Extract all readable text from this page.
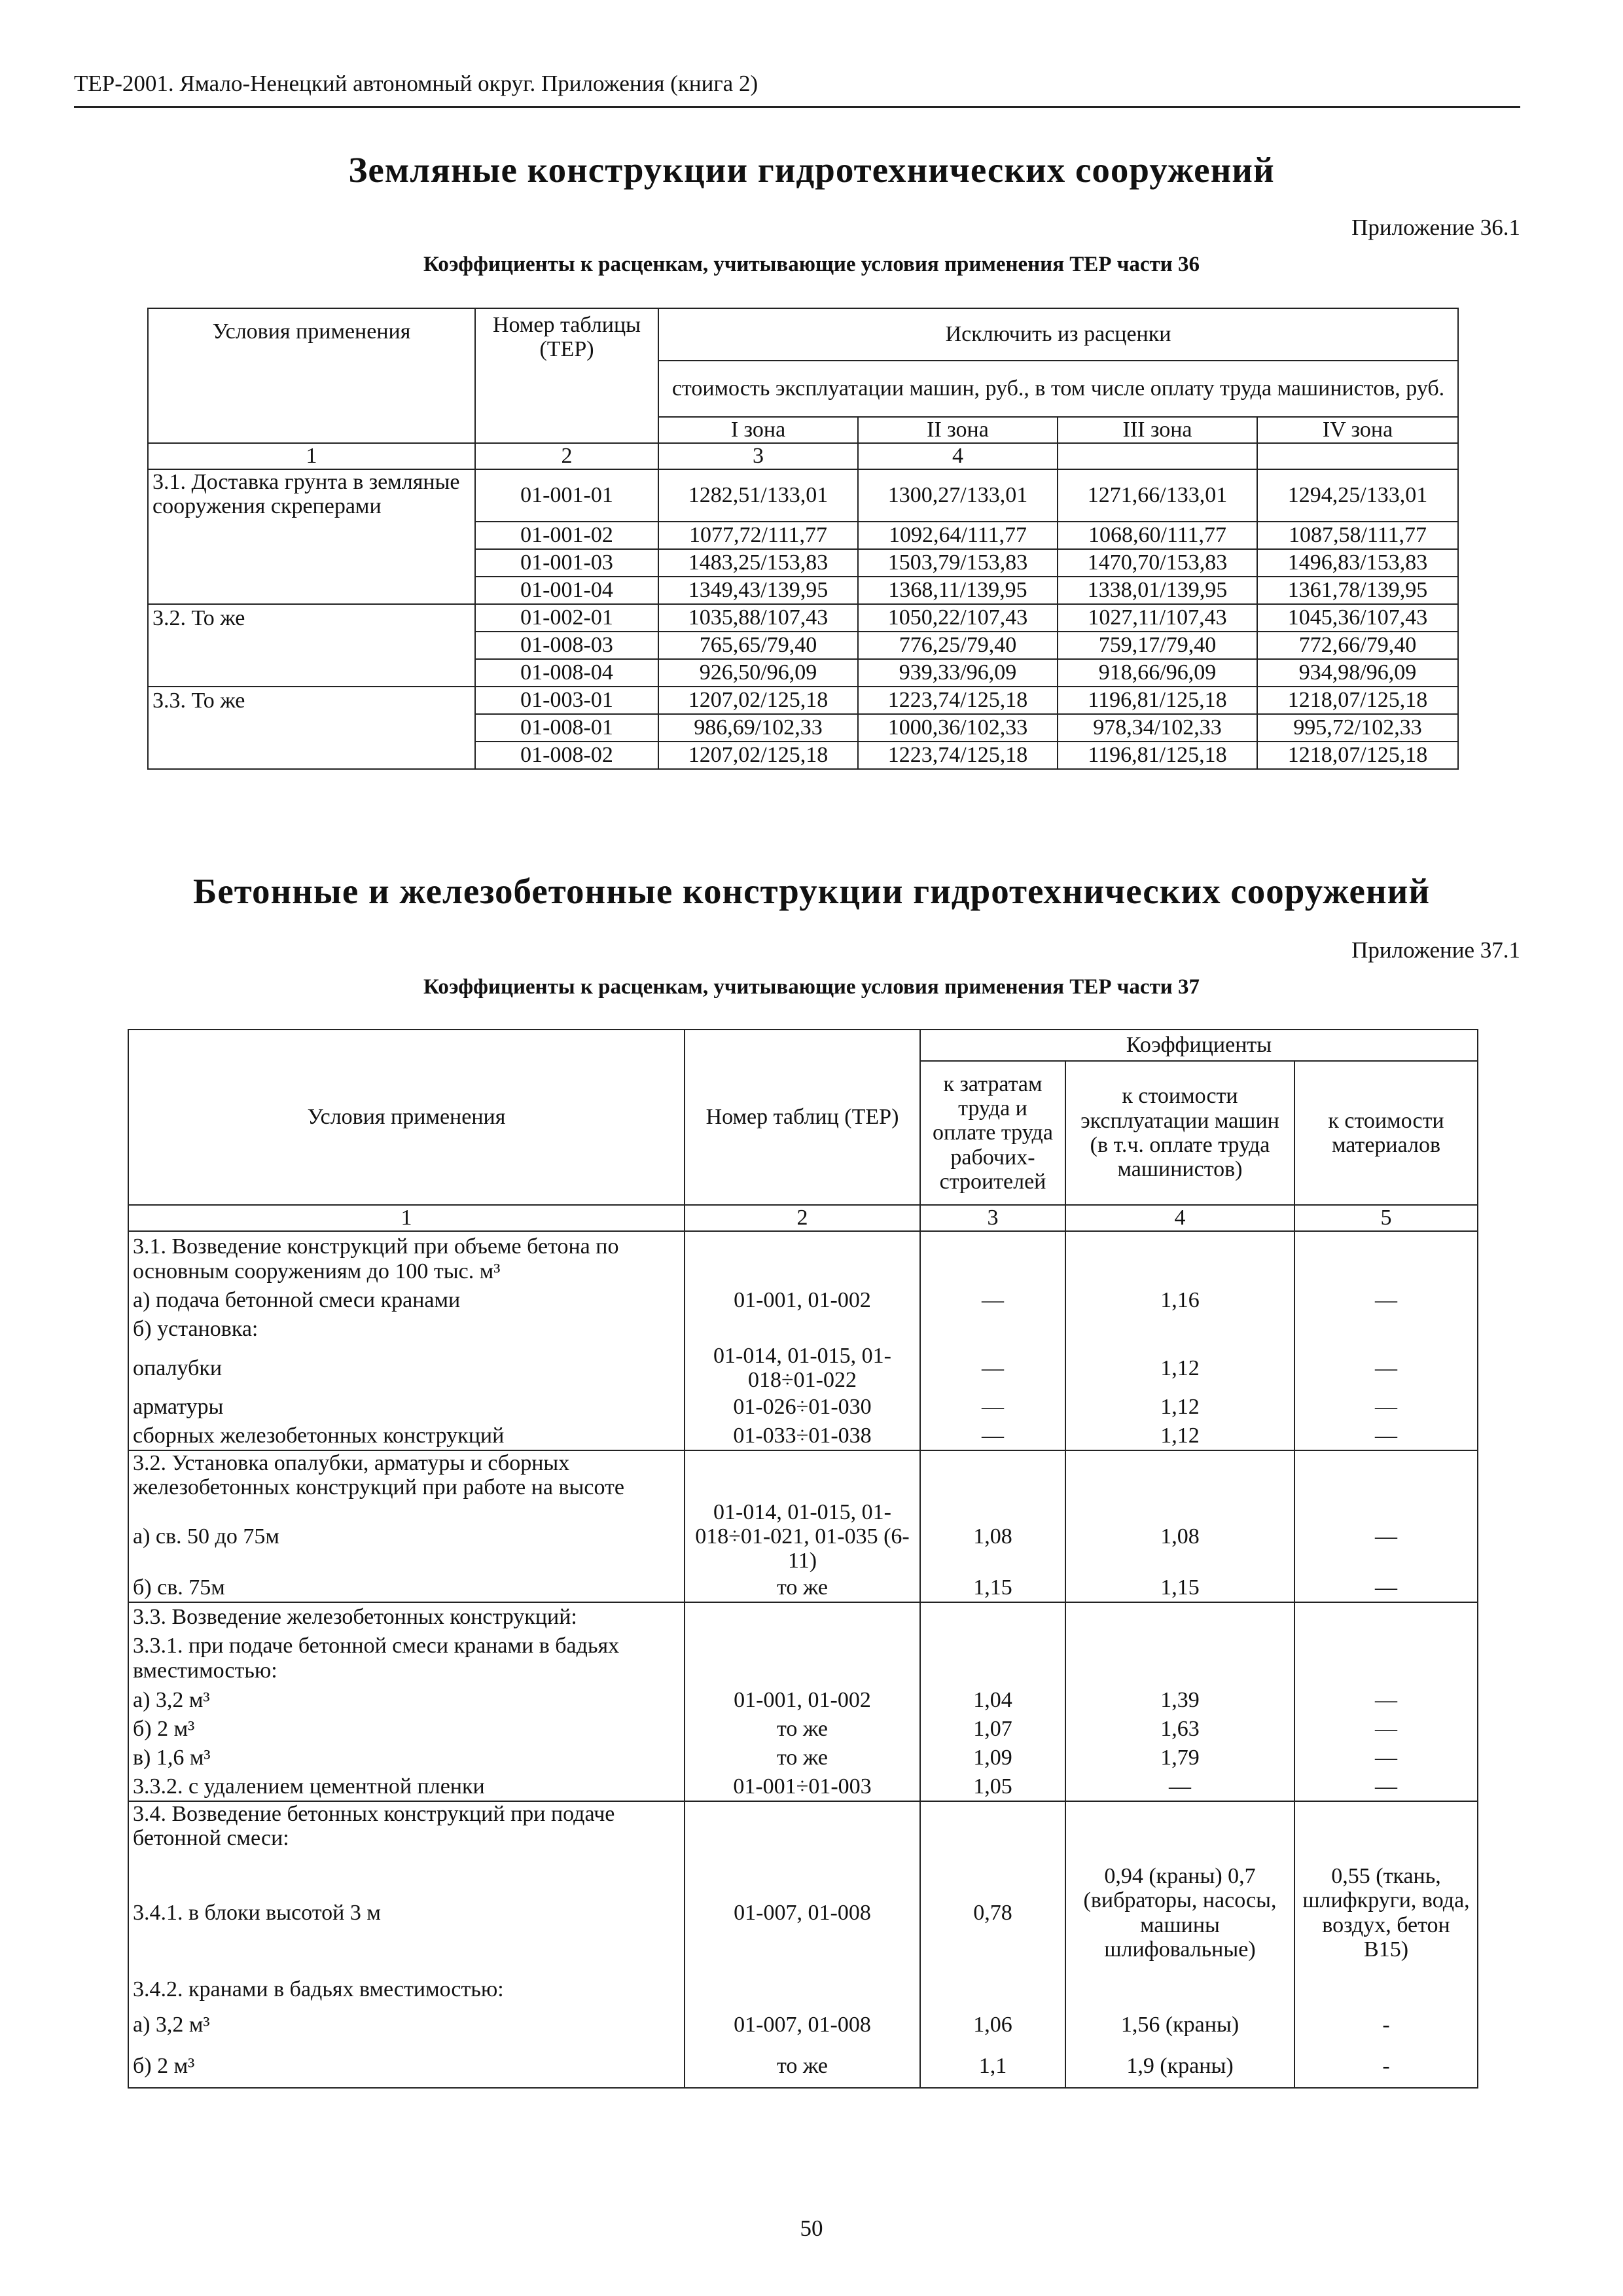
ТЕР-2001. Ямало-Ненецкий автономный округ. Приложения (книга 2)
Земляные конструкции гидротехнических сооружений
Приложение 36.1
Коэффициенты к расценкам, учитывающие условия применения ТЕР части 36
Условия применения	Номер таблицы (ТЕР)	Исключить из расценки			
		стоимость эксплуатации машин, руб., в том числе оплату труда машинистов, руб.			
		I зона	II зона	III зона	IV зона
1	2	3	4		
3.1. Доставка грунта в земляные сооружения скреперами	01-001-01	1282,51/133,01	1300,27/133,01	1271,66/133,01	1294,25/133,01
	01-001-02	1077,72/111,77	1092,64/111,77	1068,60/111,77	1087,58/111,77
	01-001-03	1483,25/153,83	1503,79/153,83	1470,70/153,83	1496,83/153,83
	01-001-04	1349,43/139,95	1368,11/139,95	1338,01/139,95	1361,78/139,95
3.2. То же	01-002-01	1035,88/107,43	1050,22/107,43	1027,11/107,43	1045,36/107,43
	01-008-03	765,65/79,40	776,25/79,40	759,17/79,40	772,66/79,40
	01-008-04	926,50/96,09	939,33/96,09	918,66/96,09	934,98/96,09
3.3. То же	01-003-01	1207,02/125,18	1223,74/125,18	1196,81/125,18	1218,07/125,18
	01-008-01	986,69/102,33	1000,36/102,33	978,34/102,33	995,72/102,33
	01-008-02	1207,02/125,18	1223,74/125,18	1196,81/125,18	1218,07/125,18
Бетонные и железобетонные конструкции гидротехнических сооружений
Приложение 37.1
Коэффициенты к расценкам, учитывающие условия применения ТЕР части 37
Условия применения	Номер таблиц (ТЕР)	Коэффициенты		
		к затратам труда и оплате труда рабочих-строителей	к стоимости эксплуатации машин (в т.ч. оплате труда машинистов)	к стоимости материалов
1	2	3	4	5
3.1. Возведение конструкций при объеме бетона по основным сооружениям до 100 тыс. м³				
а) подача бетонной смеси кранами	01-001, 01-002	—	1,16	—
б) установка:				
опалубки	01-014, 01-015, 01-018÷01-022	—	1,12	—
арматуры	01-026÷01-030	—	1,12	—
сборных железобетонных конструкций	01-033÷01-038	—	1,12	—
3.2. Установка опалубки, арматуры и сборных железобетонных конструкций при работе на высоте				
а) св. 50 до 75м	01-014, 01-015, 01-018÷01-021, 01-035 (6-11)	1,08	1,08	—
б) св. 75м	то же	1,15	1,15	—
3.3. Возведение железобетонных конструкций:				
3.3.1. при подаче бетонной смеси кранами в бадьях вместимостью:				
а) 3,2 м³	01-001, 01-002	1,04	1,39	—
б) 2 м³	то же	1,07	1,63	—
в) 1,6 м³	то же	1,09	1,79	—
3.3.2. с удалением цементной пленки	01-001÷01-003	1,05	—	—
3.4. Возведение бетонных конструкций при подаче бетонной смеси:				
3.4.1. в блоки высотой 3 м	01-007, 01-008	0,78	0,94 (краны) 0,7 (вибраторы, насосы, машины шлифовальные)	0,55 (ткань, шлифкруги, вода, воздух, бетон В15)
3.4.2. кранами в бадьях вместимостью:				
а) 3,2 м³	01-007, 01-008	1,06	1,56 (краны)	-
б) 2 м³	то же	1,1	1,9 (краны)	-
50
